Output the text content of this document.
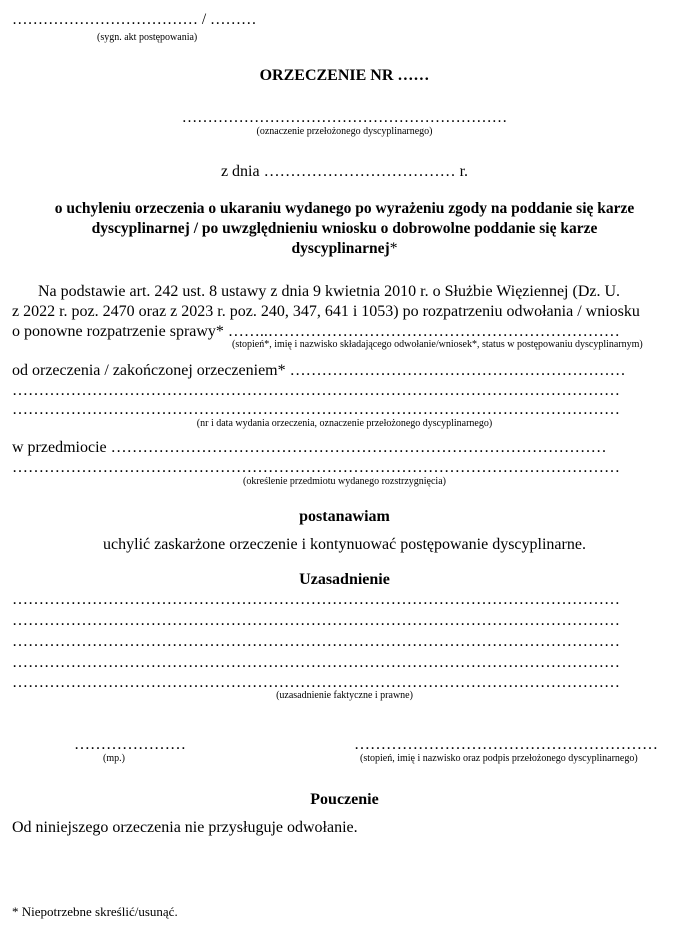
……………………………… / ………
(sygn. akt postępowania)
ORZECZENIE NR ……
………………………………………………………
(oznaczenie przełożonego dyscyplinarnego)
z dnia ……………………………… r.
o uchyleniu orzeczenia o ukaraniu wydanego po wyrażeniu zgody na poddanie się karze
dyscyplinarnej / po uwzględnieniu wniosku o dobrowolne poddanie się karze
dyscyplinarnej*
Na podstawie art. 242 ust. 8 ustawy z dnia 9 kwietnia 2010 r. o Służbie Więziennej (Dz. U.
z 2022 r. poz. 2470 oraz z 2023 r. poz. 240, 347, 641 i 1053) po rozpatrzeniu odwołania / wniosku
o ponowne rozpatrzenie sprawy* ……..…………………………………………………………
(stopień*, imię i nazwisko składającego odwołanie/wniosek*, status w postępowaniu dyscyplinarnym)
od orzeczenia / zakończonej orzeczeniem* ………………………………………………………
……………………………………………………………………………………………………
……………………………………………………………………………………………………
(nr i data wydania orzeczenia, oznaczenie przełożonego dyscyplinarnego)
w przedmiocie …………………………………………………………………………………
……………………………………………………………………………………………………
(określenie przedmiotu wydanego rozstrzygnięcia)
postanawiam
uchylić zaskarżone orzeczenie i kontynuować postępowanie dyscyplinarne.
Uzasadnienie
……………………………………………………………………………………………………
……………………………………………………………………………………………………
……………………………………………………………………………………………………
……………………………………………………………………………………………………
……………………………………………………………………………………………………
(uzasadnienie faktyczne i prawne)
…………………
(mp.)
…………………………………………………
(stopień, imię i nazwisko oraz podpis przełożonego dyscyplinarnego)
Pouczenie
Od niniejszego orzeczenia nie przysługuje odwołanie.
* Niepotrzebne skreślić/usunąć.
